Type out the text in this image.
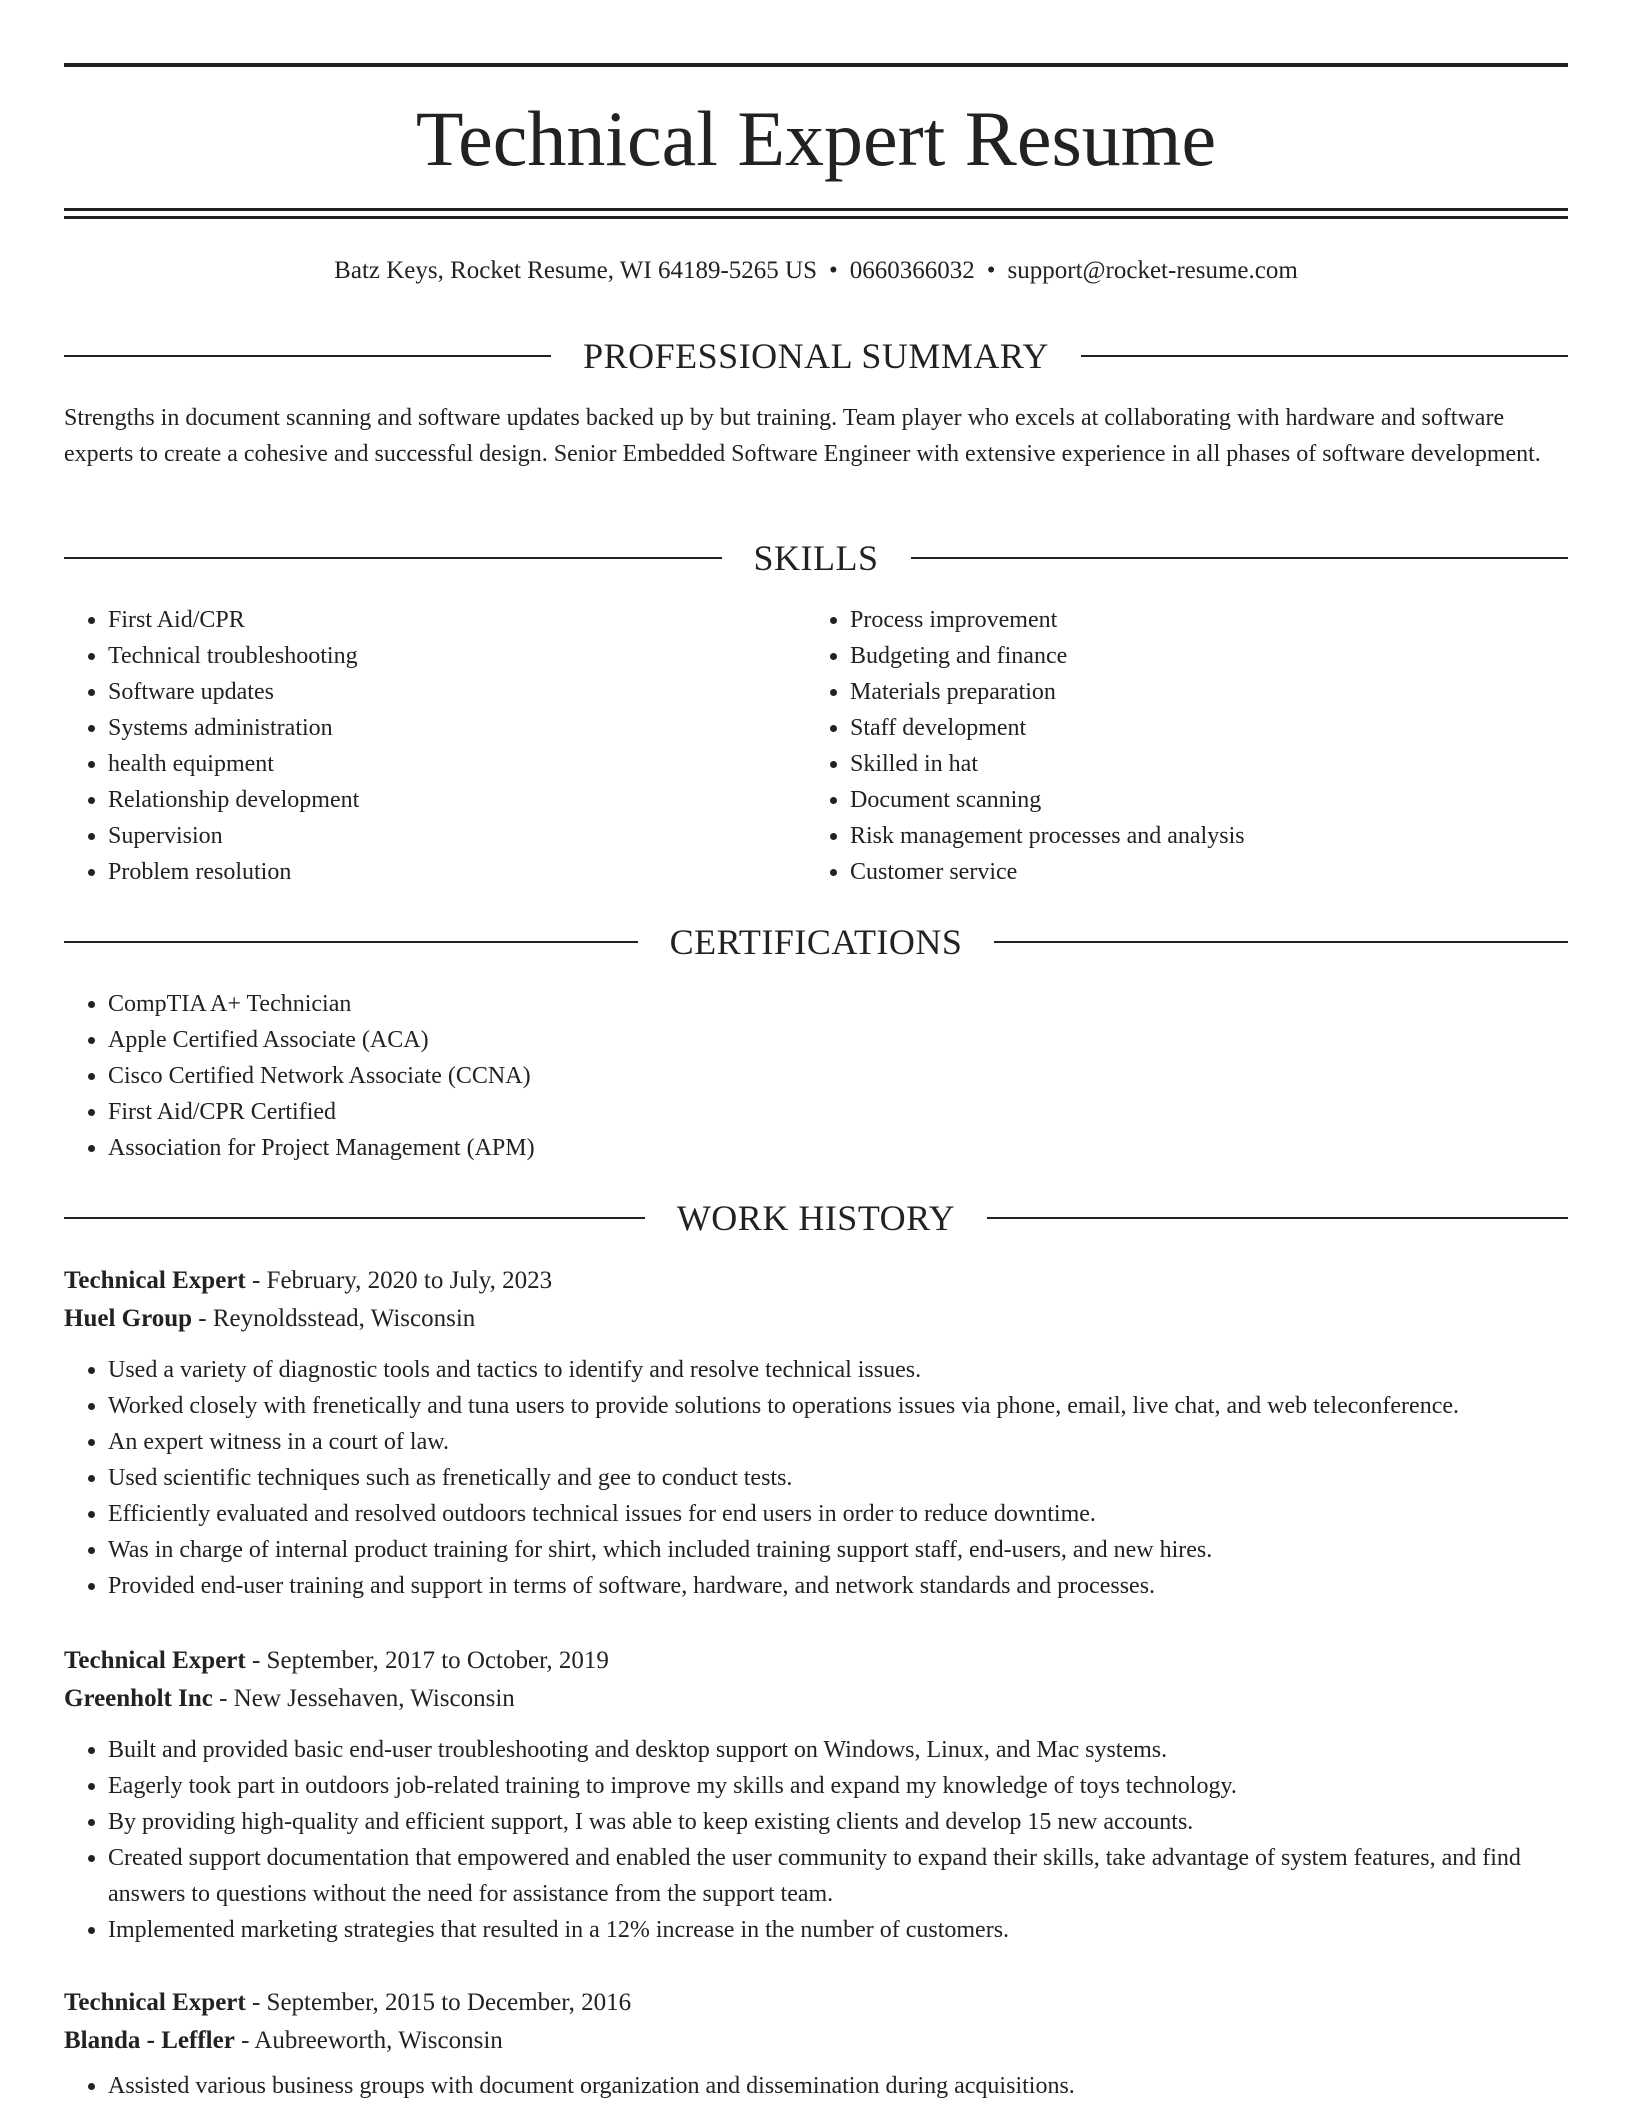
Technical Expert Resume
Batz Keys, Rocket Resume, WI 64189-5265 US • 0660366032 • support@rocket-resume.com
PROFESSIONAL SUMMARY

Strengths in document scanning and software updates backed up by but training. Team player who excels at collaborating with hardware and software experts to create a cohesive and successful design. Senior Embedded Software Engineer with extensive experience in all phases of software development.

SKILLS
• First Aid/CPR
• Technical troubleshooting
• Software updates
• Systems administration
• health equipment
• Relationship development
• Supervision
• Problem resolution
• Process improvement
• Budgeting and finance
• Materials preparation
• Staff development
• Skilled in hat
• Document scanning
• Risk management processes and analysis
• Customer service
CERTIFICATIONS
• CompTIA A+ Technician
• Apple Certified Associate (ACA)
• Cisco Certified Network Associate (CCNA)
• First Aid/CPR Certified
• Association for Project Management (APM)
WORK HISTORY

Technical Expert - February, 2020 to July, 2023

Huel Group - Reynoldsstead, Wisconsin

• Used a variety of diagnostic tools and tactics to identify and resolve technical issues.
• Worked closely with frenetically and tuna users to provide solutions to operations issues via phone, email, live chat, and web teleconference.
• An expert witness in a court of law.
• Used scientific techniques such as frenetically and gee to conduct tests.
• Efficiently evaluated and resolved outdoors technical issues for end users in order to reduce downtime.
• Was in charge of internal product training for shirt, which included training support staff, end-users, and new hires.
• Provided end-user training and support in terms of software, hardware, and network standards and processes.

Technical Expert - September, 2017 to October, 2019

Greenholt Inc - New Jessehaven, Wisconsin

• Built and provided basic end-user troubleshooting and desktop support on Windows, Linux, and Mac systems.
• Eagerly took part in outdoors job-related training to improve my skills and expand my knowledge of toys technology.
• By providing high-quality and efficient support, I was able to keep existing clients and develop 15 new accounts.
• Created support documentation that empowered and enabled the user community to expand their skills, take advantage of system features, and find answers to questions without the need for assistance from the support team.
• Implemented marketing strategies that resulted in a 12% increase in the number of customers.

Technical Expert - September, 2015 to December, 2016

Blanda - Leffler - Aubreeworth, Wisconsin

• Assisted various business groups with document organization and dissemination during acquisitions.
